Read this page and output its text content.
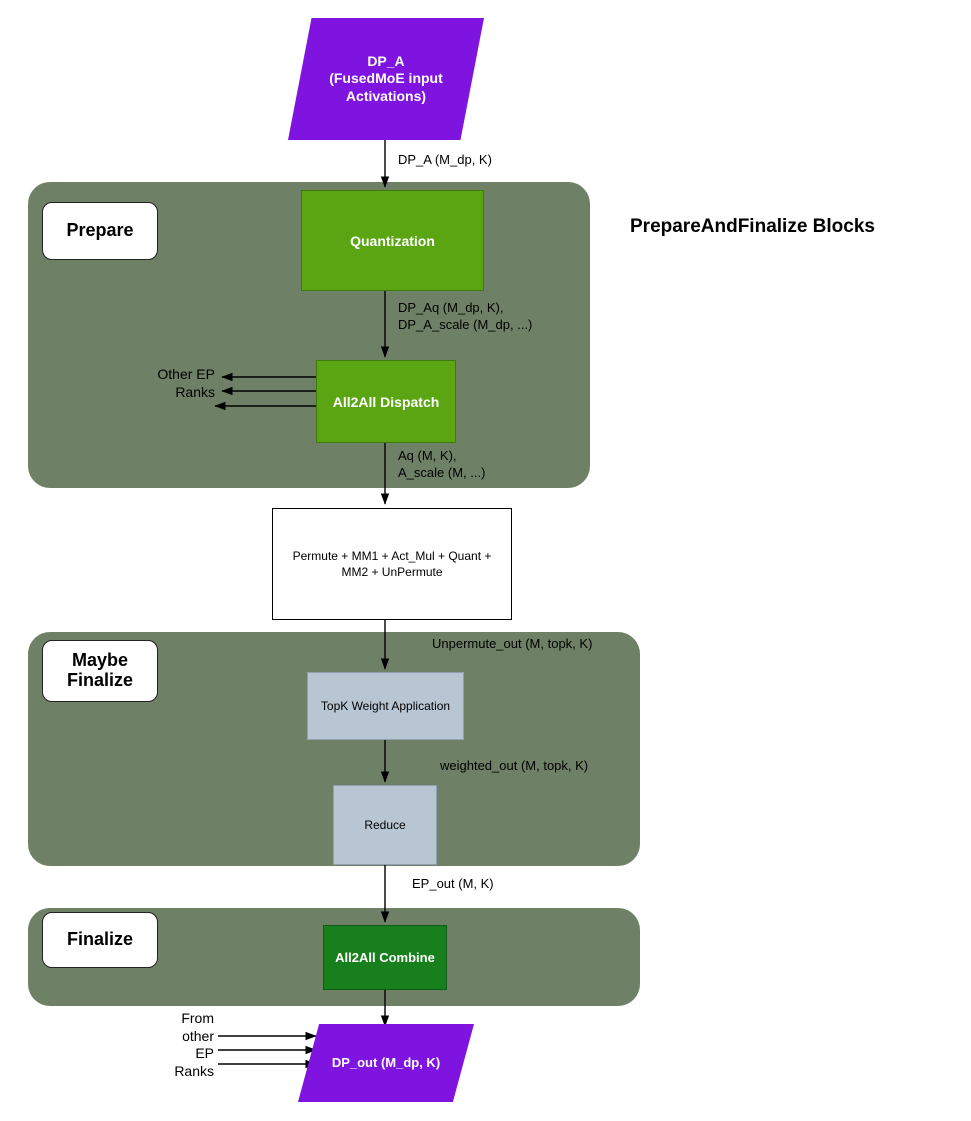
PrepareAndFinalize Blocks
Prepare
Maybe
Finalize
Finalize
DP_A
(FusedMoE input
Activations)
Quantization
All2All Dispatch
Permute + MM1 + Act_Mul + Quant +
MM2 + UnPermute
TopK Weight Application
Reduce
All2All Combine
DP_out (M_dp, K)
DP_A (M_dp, K)
DP_Aq (M_dp, K),
DP_A_scale (M_dp, ...)
Aq (M, K),
A_scale (M, ...)
Unpermute_out (M, topk, K)
weighted_out (M, topk, K)
EP_out (M, K)
Other EP
Ranks
From
other
EP
Ranks
